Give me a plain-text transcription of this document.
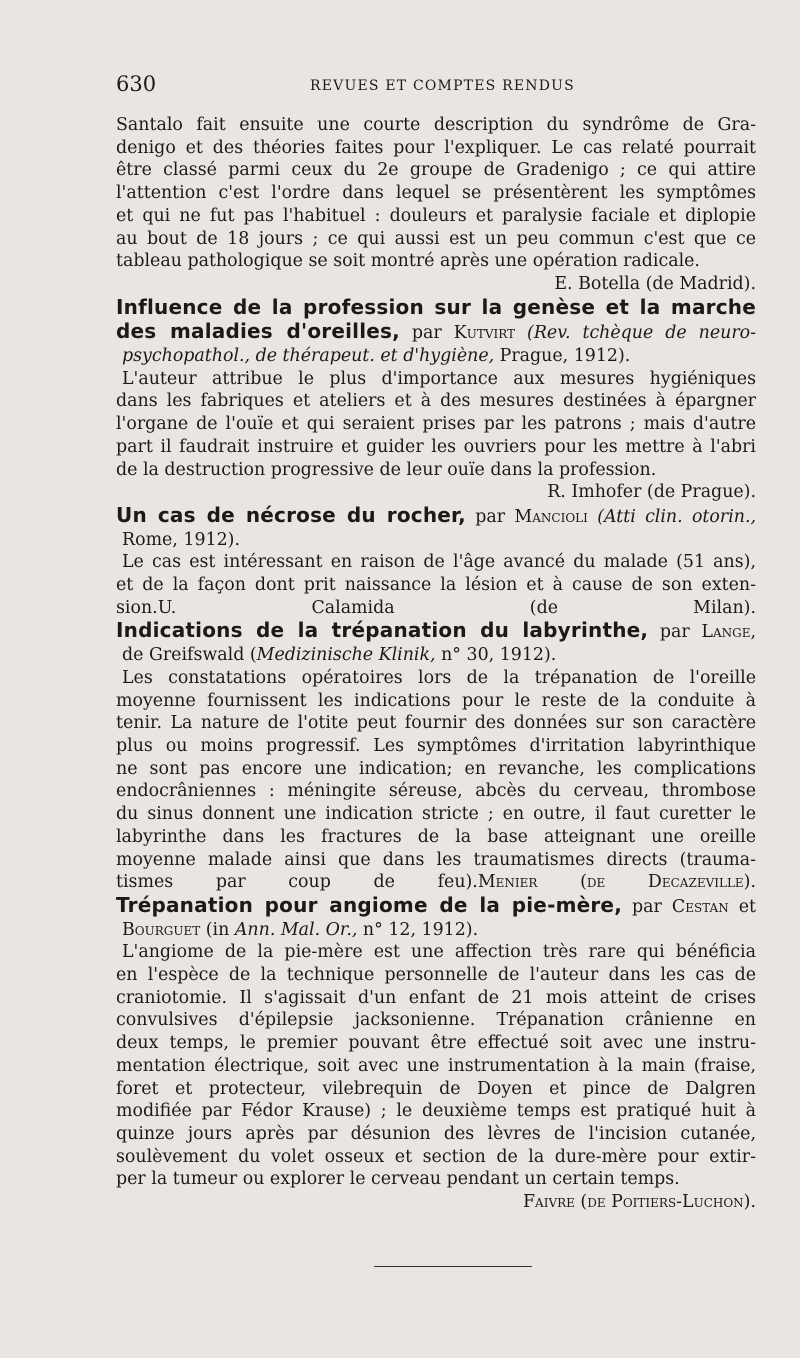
630	REVUES ET COMPTES RENDUS
Santalo fait ensuite une courte description du syndrôme de Gra-
denigo et des théories faites pour l'expliquer. Le cas relaté pourrait
être classé parmi ceux du 2e groupe de Gradenigo ; ce qui attire
l'attention c'est l'ordre dans lequel se présentèrent les symptômes
et qui ne fut pas l'habituel : douleurs et paralysie faciale et diplopie
au bout de 18 jours ; ce qui aussi est un peu commun c'est que ce
tableau pathologique se soit montré après une opération radicale.
E. Botella (de Madrid).
Influence de la profession sur la genèse et la marche
des maladies d'oreilles, par Kutvirt (Rev. tchèque de neuro-
psychopathol., de thérapeut. et d'hygiène, Prague, 1912).
L'auteur attribue le plus d'importance aux mesures hygiéniques
dans les fabriques et ateliers et à des mesures destinées à épargner
l'organe de l'ouïe et qui seraient prises par les patrons ; mais d'autre
part il faudrait instruire et guider les ouvriers pour les mettre à l'abri
de la destruction progressive de leur ouïe dans la profession.
R. Imhofer (de Prague).
Un cas de nécrose du rocher, par Mancioli (Atti clin. otorin.,
Rome, 1912).
Le cas est intéressant en raison de l'âge avancé du malade (51 ans),
et de la façon dont prit naissance la lésion et à cause de son exten-
sion.U. Calamida (de Milan).
Indications de la trépanation du labyrinthe, par Lange,
de Greifswald (Medizinische Klinik, n° 30, 1912).
Les constatations opératoires lors de la trépanation de l'oreille
moyenne fournissent les indications pour le reste de la conduite à
tenir. La nature de l'otite peut fournir des données sur son caractère
plus ou moins progressif. Les symptômes d'irritation labyrinthique
ne sont pas encore une indication; en revanche, les complications
endocrâniennes : méningite séreuse, abcès du cerveau, thrombose
du sinus donnent une indication stricte ; en outre, il faut curetter le
labyrinthe dans les fractures de la base atteignant une oreille
moyenne malade ainsi que dans les traumatismes directs (trauma-
tismes par coup de feu).Menier (de Decazeville).
Trépanation pour angiome de la pie-mère, par Cestan et
Bourguet (in Ann. Mal. Or., n° 12, 1912).
L'angiome de la pie-mère est une affection très rare qui bénéficia
en l'espèce de la technique personnelle de l'auteur dans les cas de
craniotomie. Il s'agissait d'un enfant de 21 mois atteint de crises
convulsives d'épilepsie jacksonienne. Trépanation crânienne en
deux temps, le premier pouvant être effectué soit avec une instru-
mentation électrique, soit avec une instrumentation à la main (fraise,
foret et protecteur, vilebrequin de Doyen et pince de Dalgren
modifiée par Fédor Krause) ; le deuxième temps est pratiqué huit à
quinze jours après par désunion des lèvres de l'incision cutanée,
soulèvement du volet osseux et section de la dure-mère pour extir-
per la tumeur ou explorer le cerveau pendant un certain temps.
Faivre (de Poitiers-Luchon).
